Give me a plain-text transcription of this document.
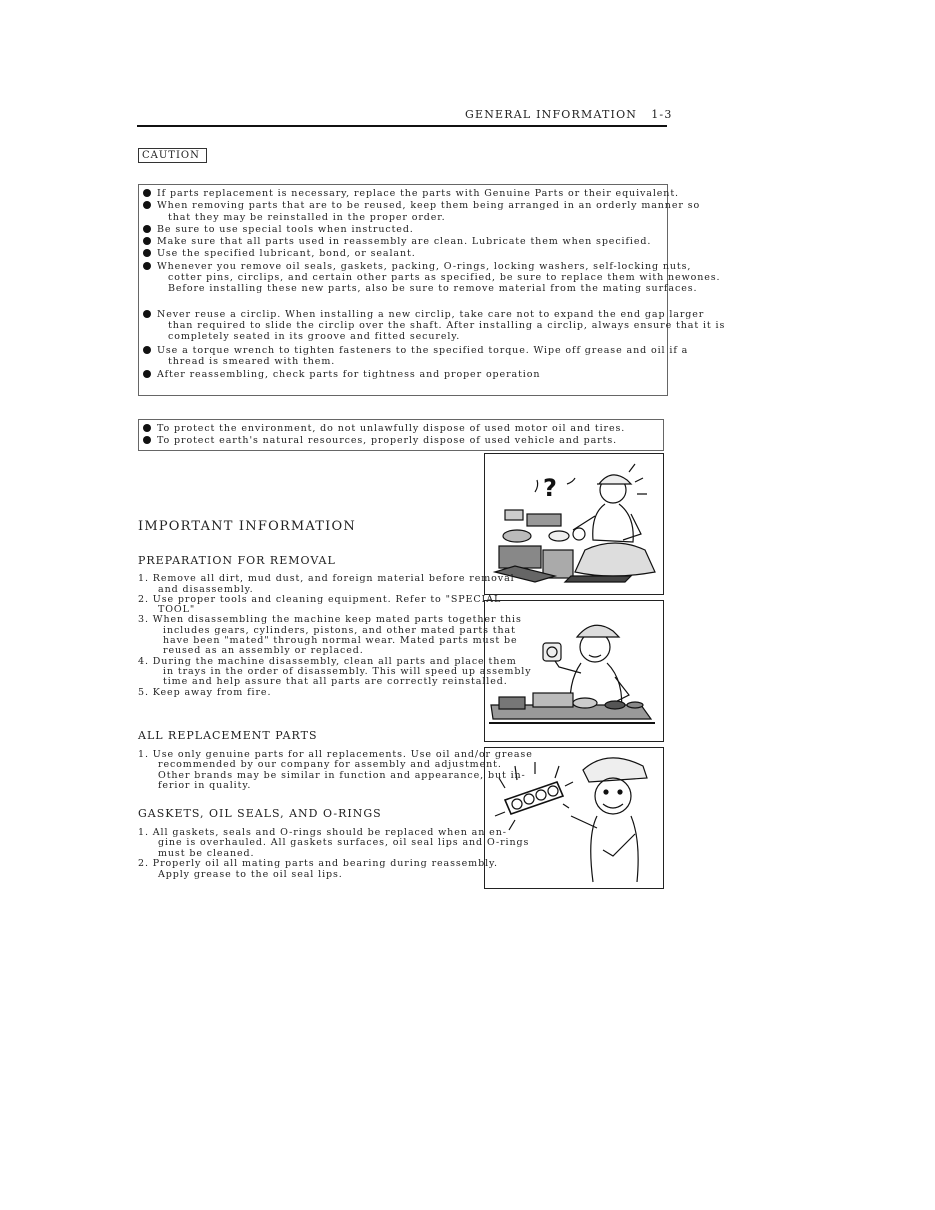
GENERAL INFORMATION 1-3
CAUTION
If parts replacement is necessary, replace the parts with Genuine Parts or their equivalent.
When removing parts that are to be reused, keep them being arranged in an orderly manner so
that they may be reinstalled in the proper order.
Be sure to use special tools when instructed.
Make sure that all parts used in reassembly are clean. Lubricate them when specified.
Use the specified lubricant, bond, or sealant.
Whenever you remove oil seals, gaskets, packing, O-rings, locking washers, self-locking nuts,
cotter pins, circlips, and certain other parts as specified, be sure to replace them with newones.
Before installing these new parts, also be sure to remove material from the mating surfaces.
Never reuse a circlip. When installing a new circlip, take care not to expand the end gap larger
than required to slide the circlip over the shaft. After installing a circlip, always ensure that it is
completely seated in its groove and fitted securely.
Use a torque wrench to tighten fasteners to the specified torque. Wipe off grease and oil if a
thread is smeared with them.
After reassembling, check parts for tightness and proper operation
To protect the environment, do not unlawfully dispose of used motor oil and tires.
To protect earth's natural resources, properly dispose of used vehicle and parts.
?
IMPORTANT INFORMATION
PREPARATION FOR REMOVAL
1. Remove all dirt, mud dust, and foreign material before removal
and disassembly.
2. Use proper tools and cleaning equipment. Refer to "SPECIAL
TOOL"
3. When disassembling the machine keep mated parts together this
includes gears, cylinders, pistons, and other mated parts that
have been "mated" through normal wear. Mated parts must be
reused as an assembly or replaced.
4. During the machine disassembly, clean all parts and place them
in trays in the order of disassembly. This will speed up assembly
time and help assure that all parts are correctly reinstalled.
5. Keep away from fire.
ALL REPLACEMENT PARTS
1. Use only genuine parts for all replacements. Use oil and/or grease
recommended by our company for assembly and adjustment.
Other brands may be similar in function and appearance, but in-
ferior in quality.
GASKETS, OIL SEALS, AND O-RINGS
1. All gaskets, seals and O-rings should be replaced when an en-
gine is overhauled. All gaskets surfaces, oil seal lips and O-rings
must be cleaned.
2. Properly oil all mating parts and bearing during reassembly.
Apply grease to the oil seal lips.
